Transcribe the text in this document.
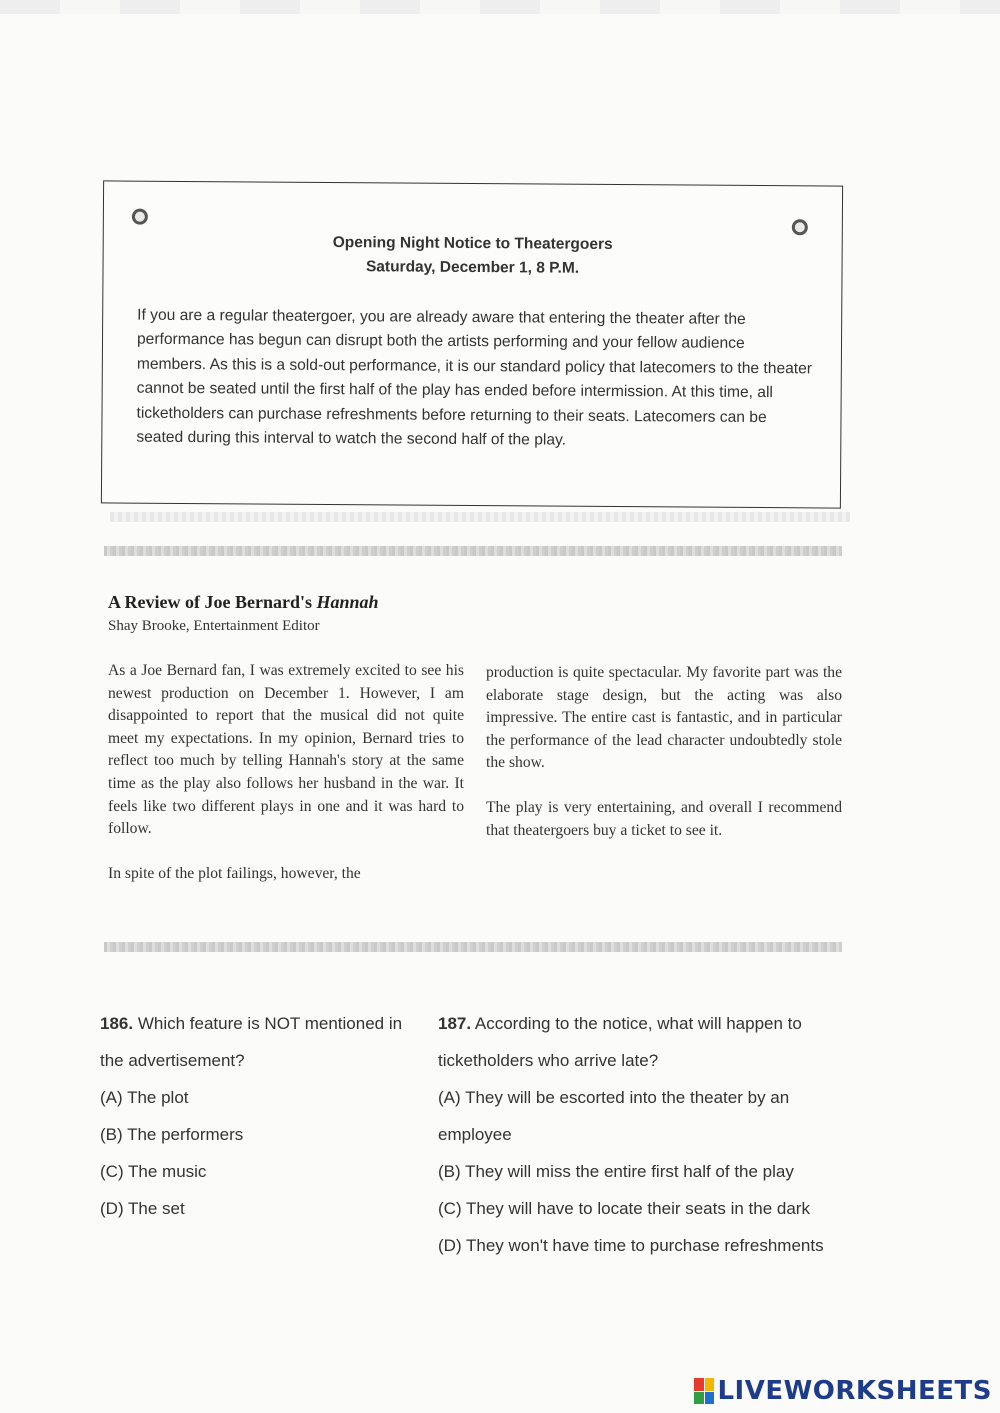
Opening Night Notice to Theatergoers
Saturday, December 1, 8 P.M.
If you are a regular theatergoer, you are already aware that entering the theater after the performance has begun can disrupt both the artists performing and your fellow audience members. As this is a sold-out performance, it is our standard policy that latecomers to the theater cannot be seated until the first half of the play has ended before intermission. At this time, all ticketholders can purchase refreshments before returning to their seats. Latecomers can be seated during this interval to watch the second half of the play.
A Review of Joe Bernard's Hannah
Shay Brooke, Entertainment Editor

As a Joe Bernard fan, I was extremely excited to see his newest production on December 1. However, I am disappointed to report that the musical did not quite meet my expectations. In my opinion, Bernard tries to reflect too much by telling Hannah's story at the same time as the play also follows her husband in the war. It feels like two different plays in one and it was hard to follow.

In spite of the plot failings, however, the

production is quite spectacular. My favorite part was the elaborate stage design, but the acting was also impressive. The entire cast is fantastic, and in particular the performance of the lead character undoubtedly stole the show.

The play is very entertaining, and overall I recommend that theatergoers buy a ticket to see it.

186. Which feature is NOT mentioned in the advertisement?
(A) The plot
(B) The performers
(C) The music
(D) The set
187. According to the notice, what will happen to ticketholders who arrive late?
(A) They will be escorted into the theater by an employee
(B) They will miss the entire first half of the play
(C) They will have to locate their seats in the dark
(D) They won't have time to purchase refreshments
LIVEWORKSHEETS
